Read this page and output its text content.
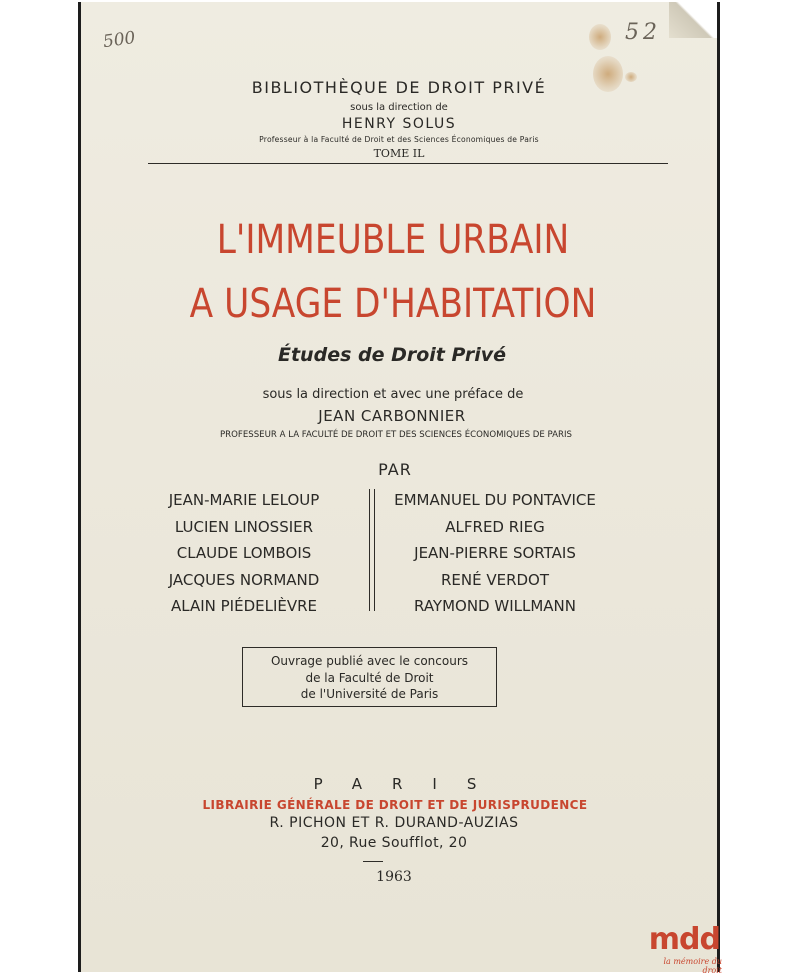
500	52
BIBLIOTHÈQUE DE DROIT PRIVÉ
sous la direction de
HENRY SOLUS
Professeur à la Faculté de Droit et des Sciences Économiques de Paris
TOME IL
L'IMMEUBLE URBAIN
A USAGE D'HABITATION
Études de Droit Privé
sous la direction et avec une préface de
JEAN CARBONNIER
PROFESSEUR A LA FACULTÉ DE DROIT ET DES SCIENCES ÉCONOMIQUES DE PARIS
PAR
JEAN-MARIE LELOUP
LUCIEN LINOSSIER
CLAUDE LOMBOIS
JACQUES NORMAND
ALAIN PIÉDELIÈVRE
EMMANUEL DU PONTAVICE
ALFRED RIEG
JEAN-PIERRE SORTAIS
RENÉ VERDOT
RAYMOND WILLMANN
Ouvrage publié avec le concours
de la Faculté de Droit
de l'Université de Paris
PARIS
LIBRAIRIE GÉNÉRALE DE DROIT ET DE JURISPRUDENCE
R. PICHON ET R. DURAND-AUZIAS
20, Rue Soufflot, 20
1963
mdd
la mémoire du droit
